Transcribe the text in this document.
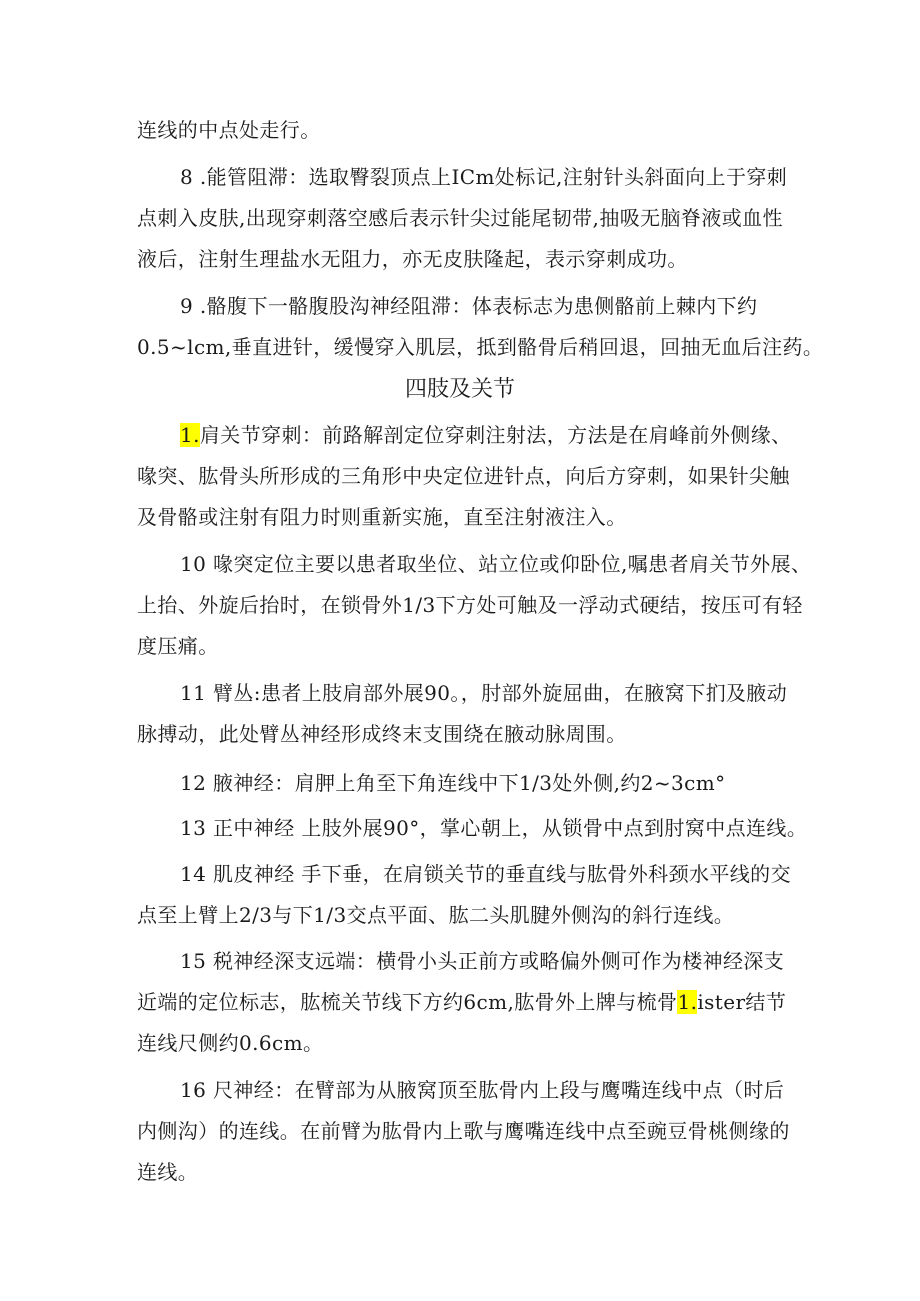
连线的中点处走行。
8 .能管阻滞：选取臀裂顶点上ICm处标记,注射针头斜面向上于穿刺
点刺入皮肤,出现穿刺落空感后表示针尖过能尾韧带,抽吸无脑脊液或血性
液后，注射生理盐水无阻力，亦无皮肤隆起，表示穿刺成功。
9 .骼腹下一骼腹股沟神经阻滞：体表标志为患侧骼前上棘内下约
0.5~lcm,垂直进针，缓慢穿入肌层，抵到骼骨后稍回退，回抽无血后注药。
四肢及关节
1.肩关节穿刺：前路解剖定位穿刺注射法，方法是在肩峰前外侧缘、
喙突、肱骨头所形成的三角形中央定位进针点，向后方穿刺，如果针尖触
及骨骼或注射有阻力时则重新实施，直至注射液注入。
10 喙突定位主要以患者取坐位、站立位或仰卧位,嘱患者肩关节外展、
上抬、外旋后抬时，在锁骨外1/3下方处可触及一浮动式硬结，按压可有轻
度压痛。
11 臂丛:患者上肢肩部外展90。，肘部外旋屈曲，在腋窝下扪及腋动
脉搏动，此处臂丛神经形成终末支围绕在腋动脉周围。
12 腋神经：肩胛上角至下角连线中下1/3处外侧,约2~3cm°
13 正中神经 上肢外展90°，掌心朝上，从锁骨中点到肘窝中点连线。
14 肌皮神经 手下垂，在肩锁关节的垂直线与肱骨外科颈水平线的交
点至上臂上2/3与下1/3交点平面、肱二头肌腱外侧沟的斜行连线。
15 税神经深支远端：横骨小头正前方或略偏外侧可作为楼神经深支
近端的定位标志，肱梳关节线下方约6cm,肱骨外上牌与梳骨1.ister结节
连线尺侧约0.6cm。
16 尺神经：在臂部为从腋窝顶至肱骨内上段与鹰嘴连线中点（时后
内侧沟）的连线。在前臂为肱骨内上歌与鹰嘴连线中点至豌豆骨桃侧缘的
连线。
